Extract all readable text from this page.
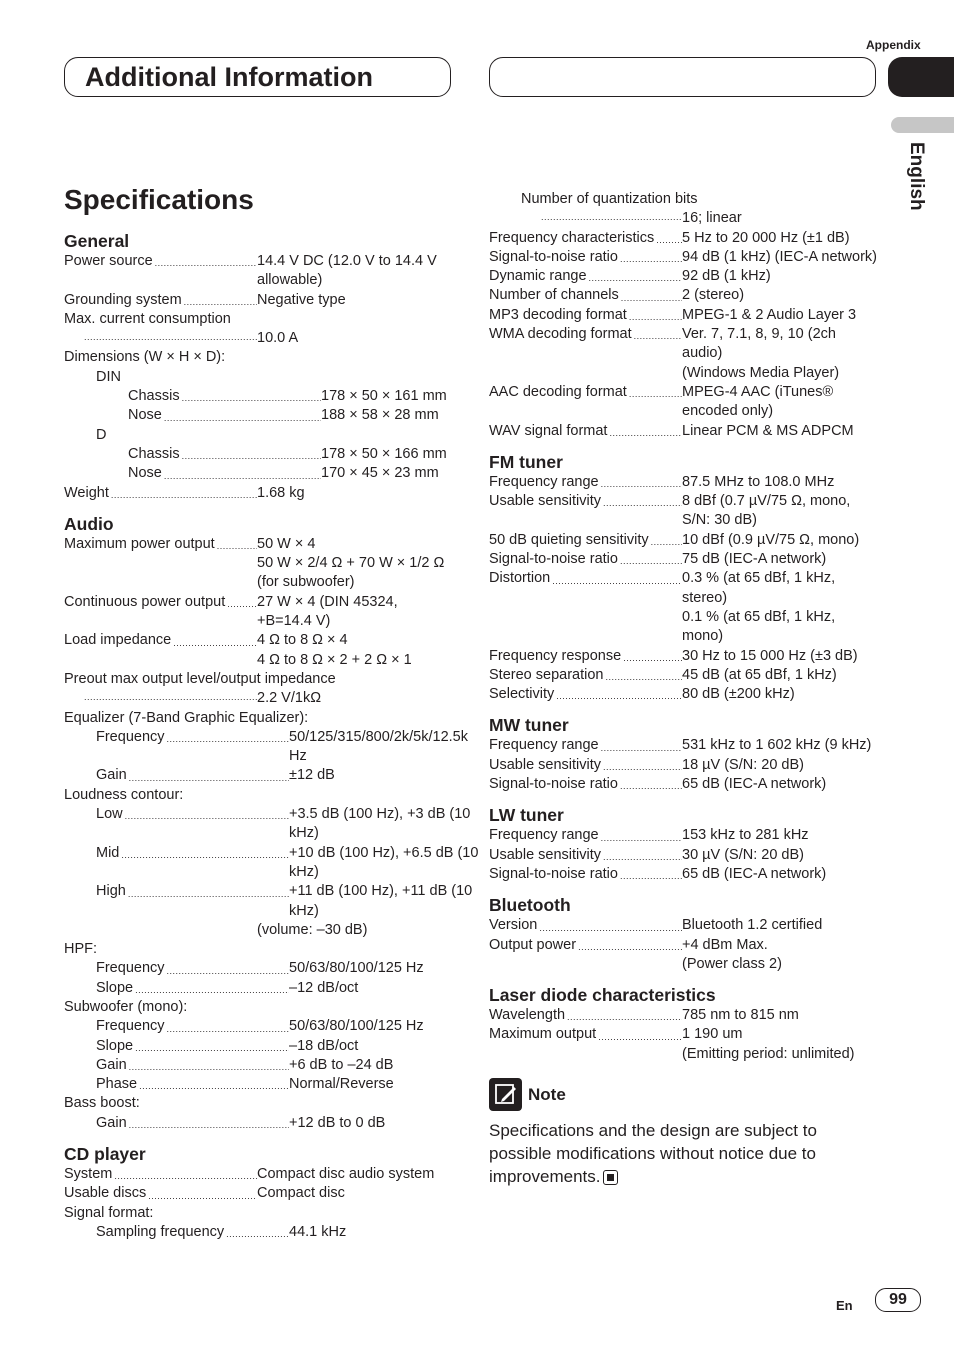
Appendix
Additional Information
English
Specifications
General
Power source .....	14.4 V DC (12.0 V to 14.4 V allowable)
Grounding system .....	Negative type
Max. current consumption
.....
10.0 A
Dimensions (W × H × D):
DIN
Chassis .....	178 × 50 × 161 mm
Nose .....	188 × 58 × 28 mm
D
Chassis .....	178 × 50 × 166 mm
Nose .....	170 × 45 × 23 mm
Weight .....	1.68 kg
Audio
Maximum power output .....	50 W × 4
50 W × 2/4 Ω + 70 W × 1/2 Ω (for subwoofer)
Continuous power output ..... 27 W × 4 (DIN 45324, +B=14.4 V)
Load impedance .....	4 Ω to 8 Ω × 4
4 Ω to 8 Ω × 2 + 2 Ω × 1
Preout max output level/output impedance
.....
2.2 V/1kΩ
Equalizer (7-Band Graphic Equalizer):
Frequency .....	50/125/315/800/2k/5k/12.5k Hz
Gain .....	±12 dB
Loudness contour:
Low .....	+3.5 dB (100 Hz), +3 dB (10 kHz)
Mid .....	+10 dB (100 Hz), +6.5 dB (10 kHz)
High .....	+11 dB (100 Hz), +11 dB (10 kHz)
(volume: –30 dB)
HPF:
Frequency .....	50/63/80/100/125 Hz
Slope .....	–12 dB/oct
Subwoofer (mono):
Frequency .....	50/63/80/100/125 Hz
Slope .....	–18 dB/oct
Gain .....	+6 dB to –24 dB
Phase .....	Normal/Reverse
Bass boost:
Gain .....	+12 dB to 0 dB
CD player
System .....	Compact disc audio system
Usable discs .....	Compact disc
Signal format:
Sampling frequency .....	44.1 kHz
Number of quantization bits
.....
16; linear
Frequency characteristics ..... 5 Hz to 20 000 Hz (±1 dB)
Signal-to-noise ratio .....	94 dB (1 kHz) (IEC-A network)
Dynamic range .....	92 dB (1 kHz)
Number of channels .....	2 (stereo)
MP3 decoding format .....	MPEG-1 & 2 Audio Layer 3
WMA decoding format .....	Ver. 7, 7.1, 8, 9, 10 (2ch audio)
(Windows Media Player)
AAC decoding format .....	MPEG-4 AAC (iTunes® encoded only)
WAV signal format .....	Linear PCM & MS ADPCM
FM tuner
Frequency range .....	87.5 MHz to 108.0 MHz
Usable sensitivity .....	8 dBf (0.7 µV/75 Ω, mono, S/N: 30 dB)
50 dB quieting sensitivity ..... 10 dBf (0.9 µV/75 Ω, mono)
Signal-to-noise ratio .....	75 dB (IEC-A network)
Distortion .....	0.3 % (at 65 dBf, 1 kHz, stereo)
0.1 % (at 65 dBf, 1 kHz, mono)
Frequency response .....	30 Hz to 15 000 Hz (±3 dB)
Stereo separation .....	45 dB (at 65 dBf, 1 kHz)
Selectivity .....	80 dB (±200 kHz)
MW tuner
Frequency range .....	531 kHz to 1 602 kHz (9 kHz)
Usable sensitivity .....	18 µV (S/N: 20 dB)
Signal-to-noise ratio .....	65 dB (IEC-A network)
LW tuner
Frequency range .....	153 kHz to 281 kHz
Usable sensitivity .....	30 µV (S/N: 20 dB)
Signal-to-noise ratio .....	65 dB (IEC-A network)
Bluetooth
Version .....	Bluetooth 1.2 certified
Output power .....	+4 dBm Max.
(Power class 2)
Laser diode characteristics
Wavelength .....	785 nm to 815 nm
Maximum output .....	1 190 um
(Emitting period: unlimited)
Note
Specifications and the design are subject to possible modifications without notice due to improvements.
En	99
